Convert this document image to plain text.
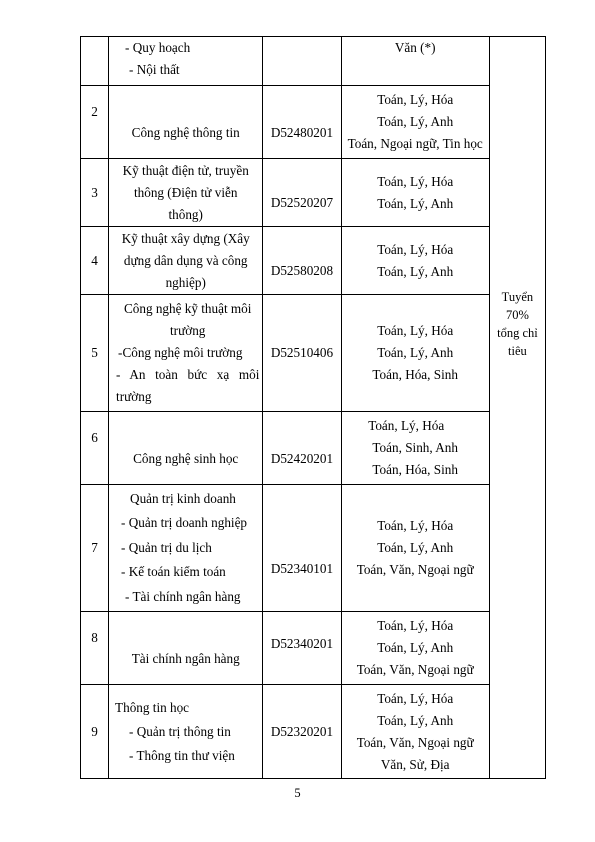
	- Quy hoạch
- Nội thất		Văn (*)	Tuyển
70%
tổng chỉ
tiêu

2	Công nghệ thông tin	D52480201	Toán, Lý, Hóa
Toán, Lý, Anh
Toán, Ngoại ngữ, Tin học	

3	Kỹ thuật điện tử, truyền
thông (Điện tử viễn
thông)	D52520207	Toán, Lý, Hóa
Toán, Lý, Anh	

4	Kỹ thuật xây dựng (Xây
dựng dân dụng và công
nghiệp)	D52580208	Toán, Lý, Hóa
Toán, Lý, Anh	

5	Công nghệ kỹ thuật môi
trường
-Công nghệ môi trường
- An toàn bức xạ môi
trường	D52510406	Toán, Lý, Hóa
Toán, Lý, Anh
Toán, Hóa, Sinh	

6	Công nghệ sinh học	D52420201	Toán, Lý, Hóa
Toán, Sinh, Anh
Toán, Hóa, Sinh	

7	Quản trị kinh doanh
- Quản trị doanh nghiệp
- Quản trị du lịch
- Kế toán kiểm toán
- Tài chính ngân hàng	D52340101	Toán, Lý, Hóa
Toán, Lý, Anh
Toán, Văn, Ngoại ngữ	

8	Tài chính ngân hàng	D52340201	Toán, Lý, Hóa
Toán, Lý, Anh
Toán, Văn, Ngoại ngữ	

9	Thông tin học
- Quản trị thông tin
- Thông tin thư viện	D52320201	Toán, Lý, Hóa
Toán, Lý, Anh
Toán, Văn, Ngoại ngữ
Văn, Sử, Địa	
5
